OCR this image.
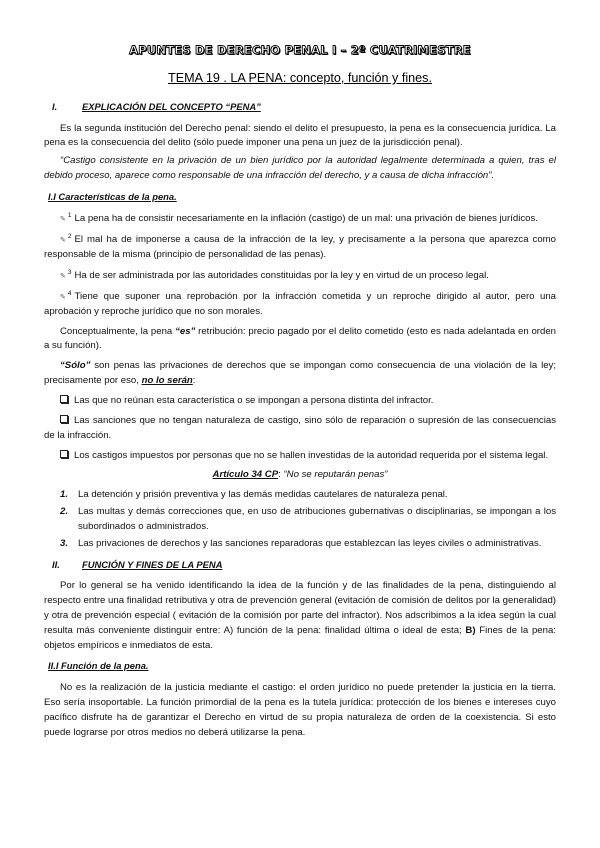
APUNTES DE DERECHO PENAL I – 2º CUATRIMESTRE
TEMA 19 . LA PENA: concepto, función y fines.
I.	EXPLICACIÓN DEL CONCEPTO “PENA”

Es la segunda institución del Derecho penal: siendo el delito el presupuesto, la pena es la consecuencia jurídica. La pena es la consecuencia del delito (sólo puede imponer una pena un juez de la jurisdicción penal).

“Castigo consistente en la privación de un bien jurídico por la autoridad legalmente determinada a quien, tras el debido proceso, aparece como responsable de una infracción del derecho, y a causa de dicha infracción”.

I.I Características de la pena.

✎$^1$ La pena ha de consistir necesariamente en la inflación (castigo) de un mal: una privación de bienes jurídicos.

✎$^2$ El mal ha de imponerse a causa de la infracción de la ley, y precisamente a la persona que aparezca como responsable de la misma (principio de personalidad de las penas).

✎$^3$ Ha de ser administrada por las autoridades constituidas por la ley y en virtud de un proceso legal.

✎$^4$ Tiene que suponer una reprobación por la infracción cometida y un reproche dirigido al autor, pero una aprobación y reproche jurídico que no son morales.

Conceptualmente, la pena “es” retribución: precio pagado por el delito cometido (esto es nada adelantada en orden a su función).

“Sólo” son penas las privaciones de derechos que se impongan como consecuencia de una violación de la ley; precisamente por eso, no lo serán:

Las que no reúnan esta característica o se impongan a persona distinta del infractor.

Las sanciones que no tengan naturaleza de castigo, sino sólo de reparación o supresión de las consecuencias de la infracción.

Los castigos impuestos por personas que no se hallen investidas de la autoridad requerida por el sistema legal.

Artículo 34 CP: “No se reputarán penas”
1.	La detención y prisión preventiva y las demás medidas cautelares de naturaleza penal.
2.	Las multas y demás correcciones que, en uso de atribuciones gubernativas o disciplinarias, se impongan a los subordinados o administrados.
3.	Las privaciones de derechos y las sanciones reparadoras que establezcan las leyes civiles o administrativas.
II.	FUNCIÓN Y FINES DE LA PENA

Por lo general se ha venido identificando la idea de la función y de las finalidades de la pena, distinguiendo al respecto entre una finalidad retributiva y otra de prevención general (evitación de comisión de delitos por la generalidad) y otra de prevención especial ( evitación de la comisión por parte del infractor). Nos adscribimos a la idea según la cual resulta más conveniente distinguir entre: A) función de la pena: finalidad última o ideal de esta; B) Fines de la pena: objetos empíricos e inmediatos de esta.

II.I Función de la pena.

No es la realización de la justicia mediante el castigo: el orden jurídico no puede pretender la justicia en la tierra. Eso sería insoportable. La función primordial de la pena es la tutela jurídica: protección de los bienes e intereses cuyo pacífico disfrute ha de garantizar el Derecho en virtud de su propia naturaleza de orden de la coexistencia. Si esto puede lograrse por otros medios no deberá utilizarse la pena.
